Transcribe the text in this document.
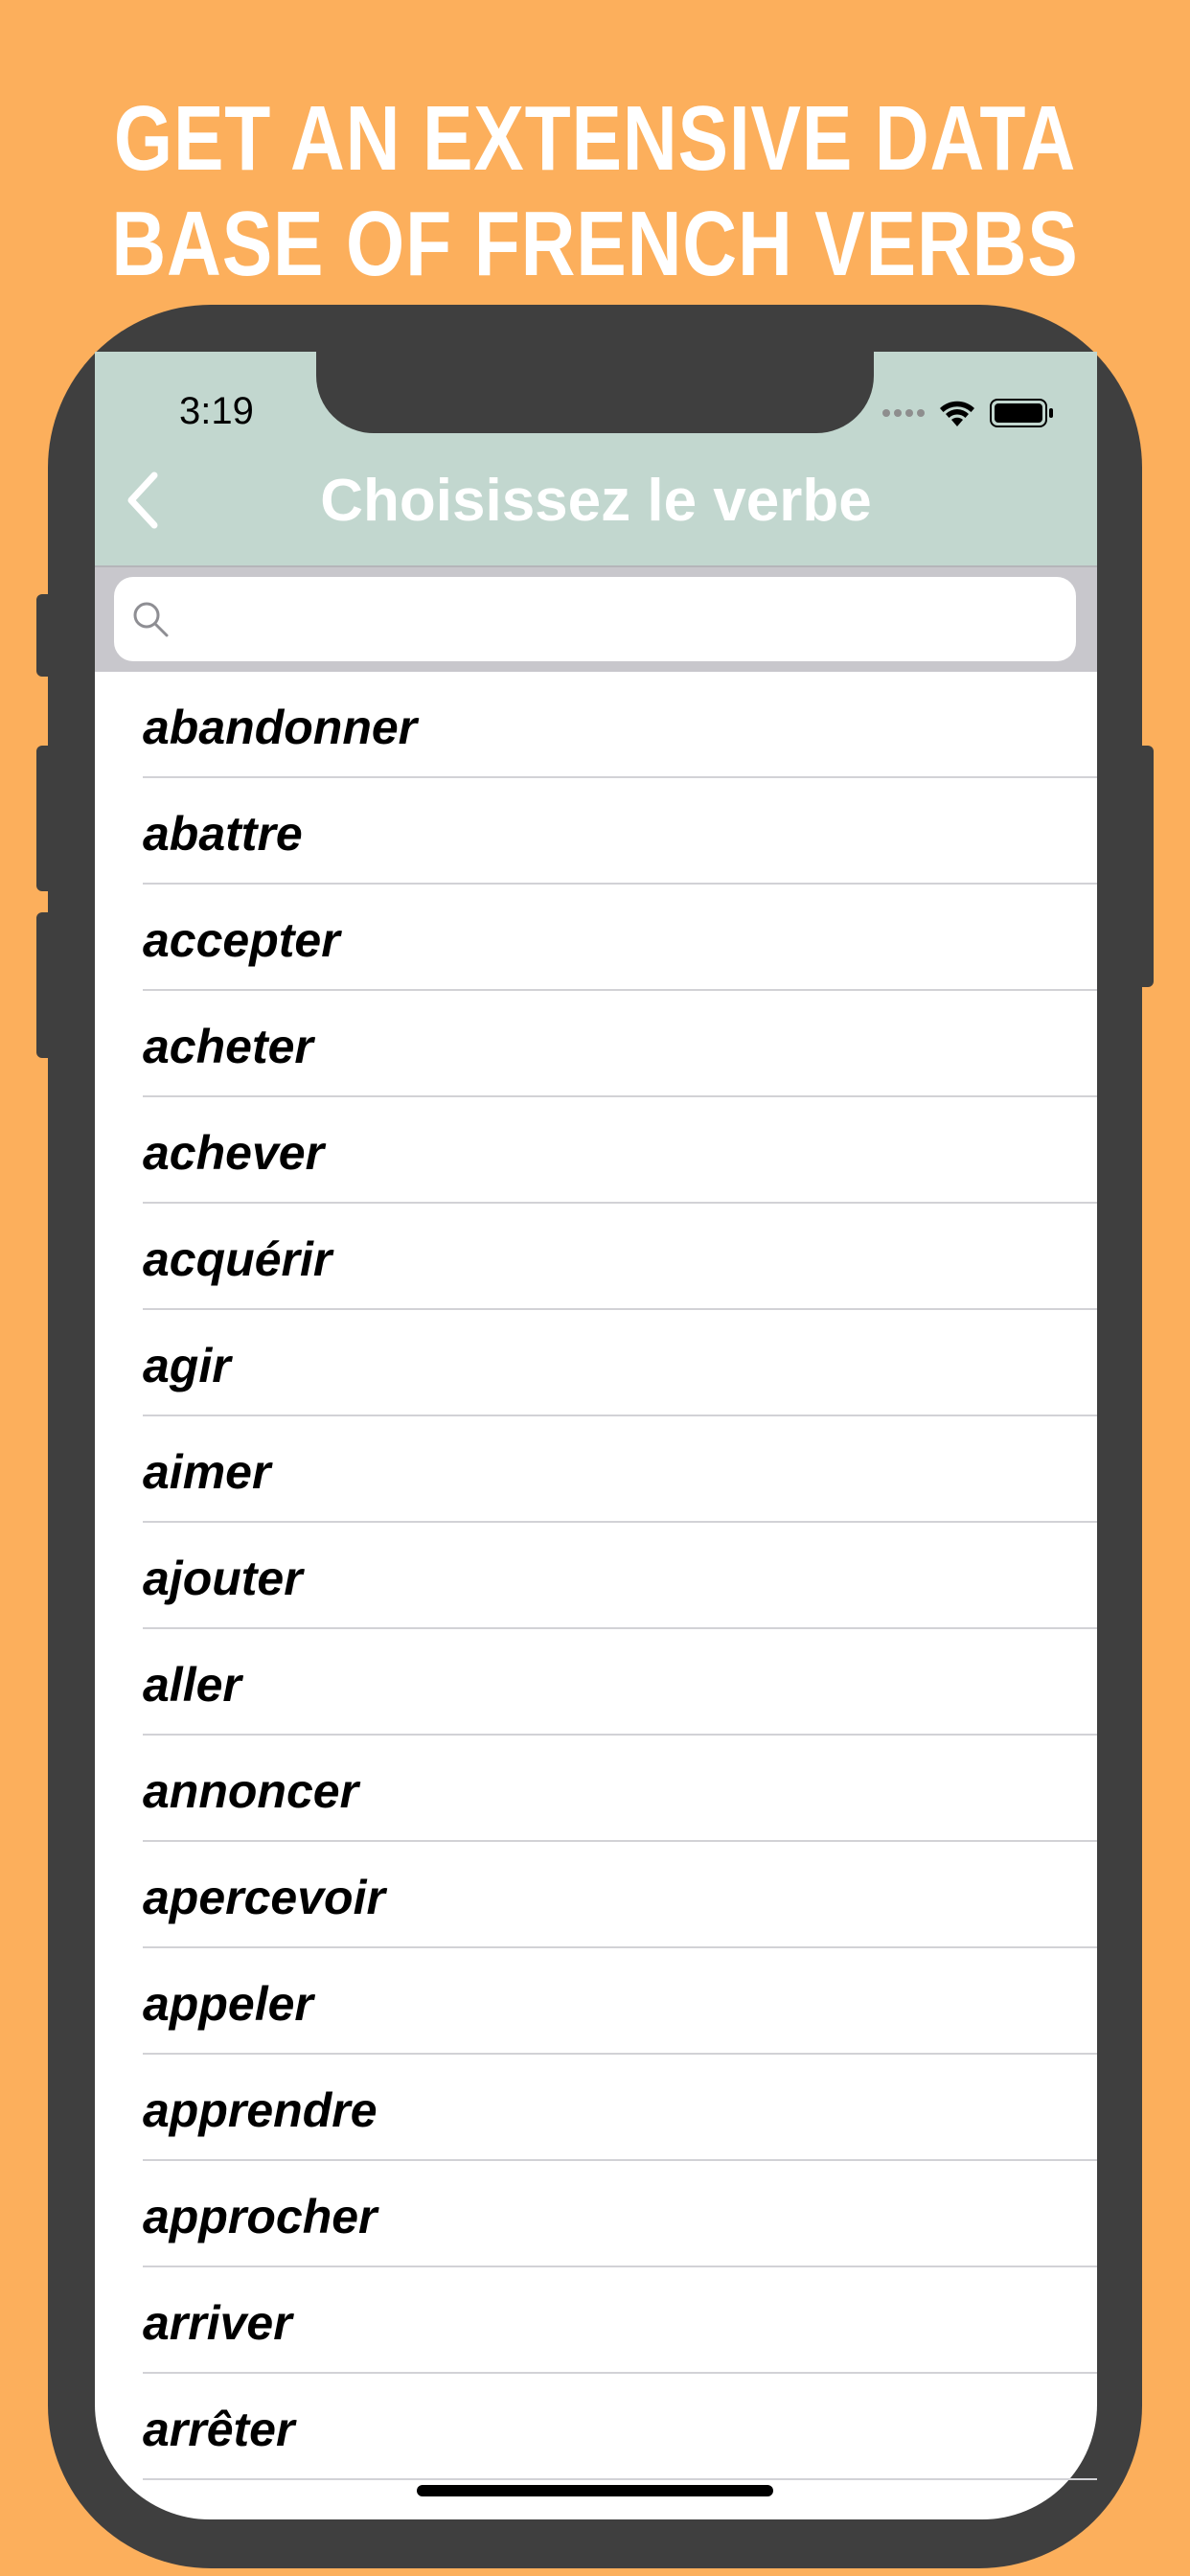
GET AN EXTENSIVE DATA
BASE OF FRENCH VERBS
3:19
Choisissez le verbe
abandonner
abattre
accepter
acheter
achever
acquérir
agir
aimer
ajouter
aller
annoncer
apercevoir
appeler
apprendre
approcher
arriver
arrêter
